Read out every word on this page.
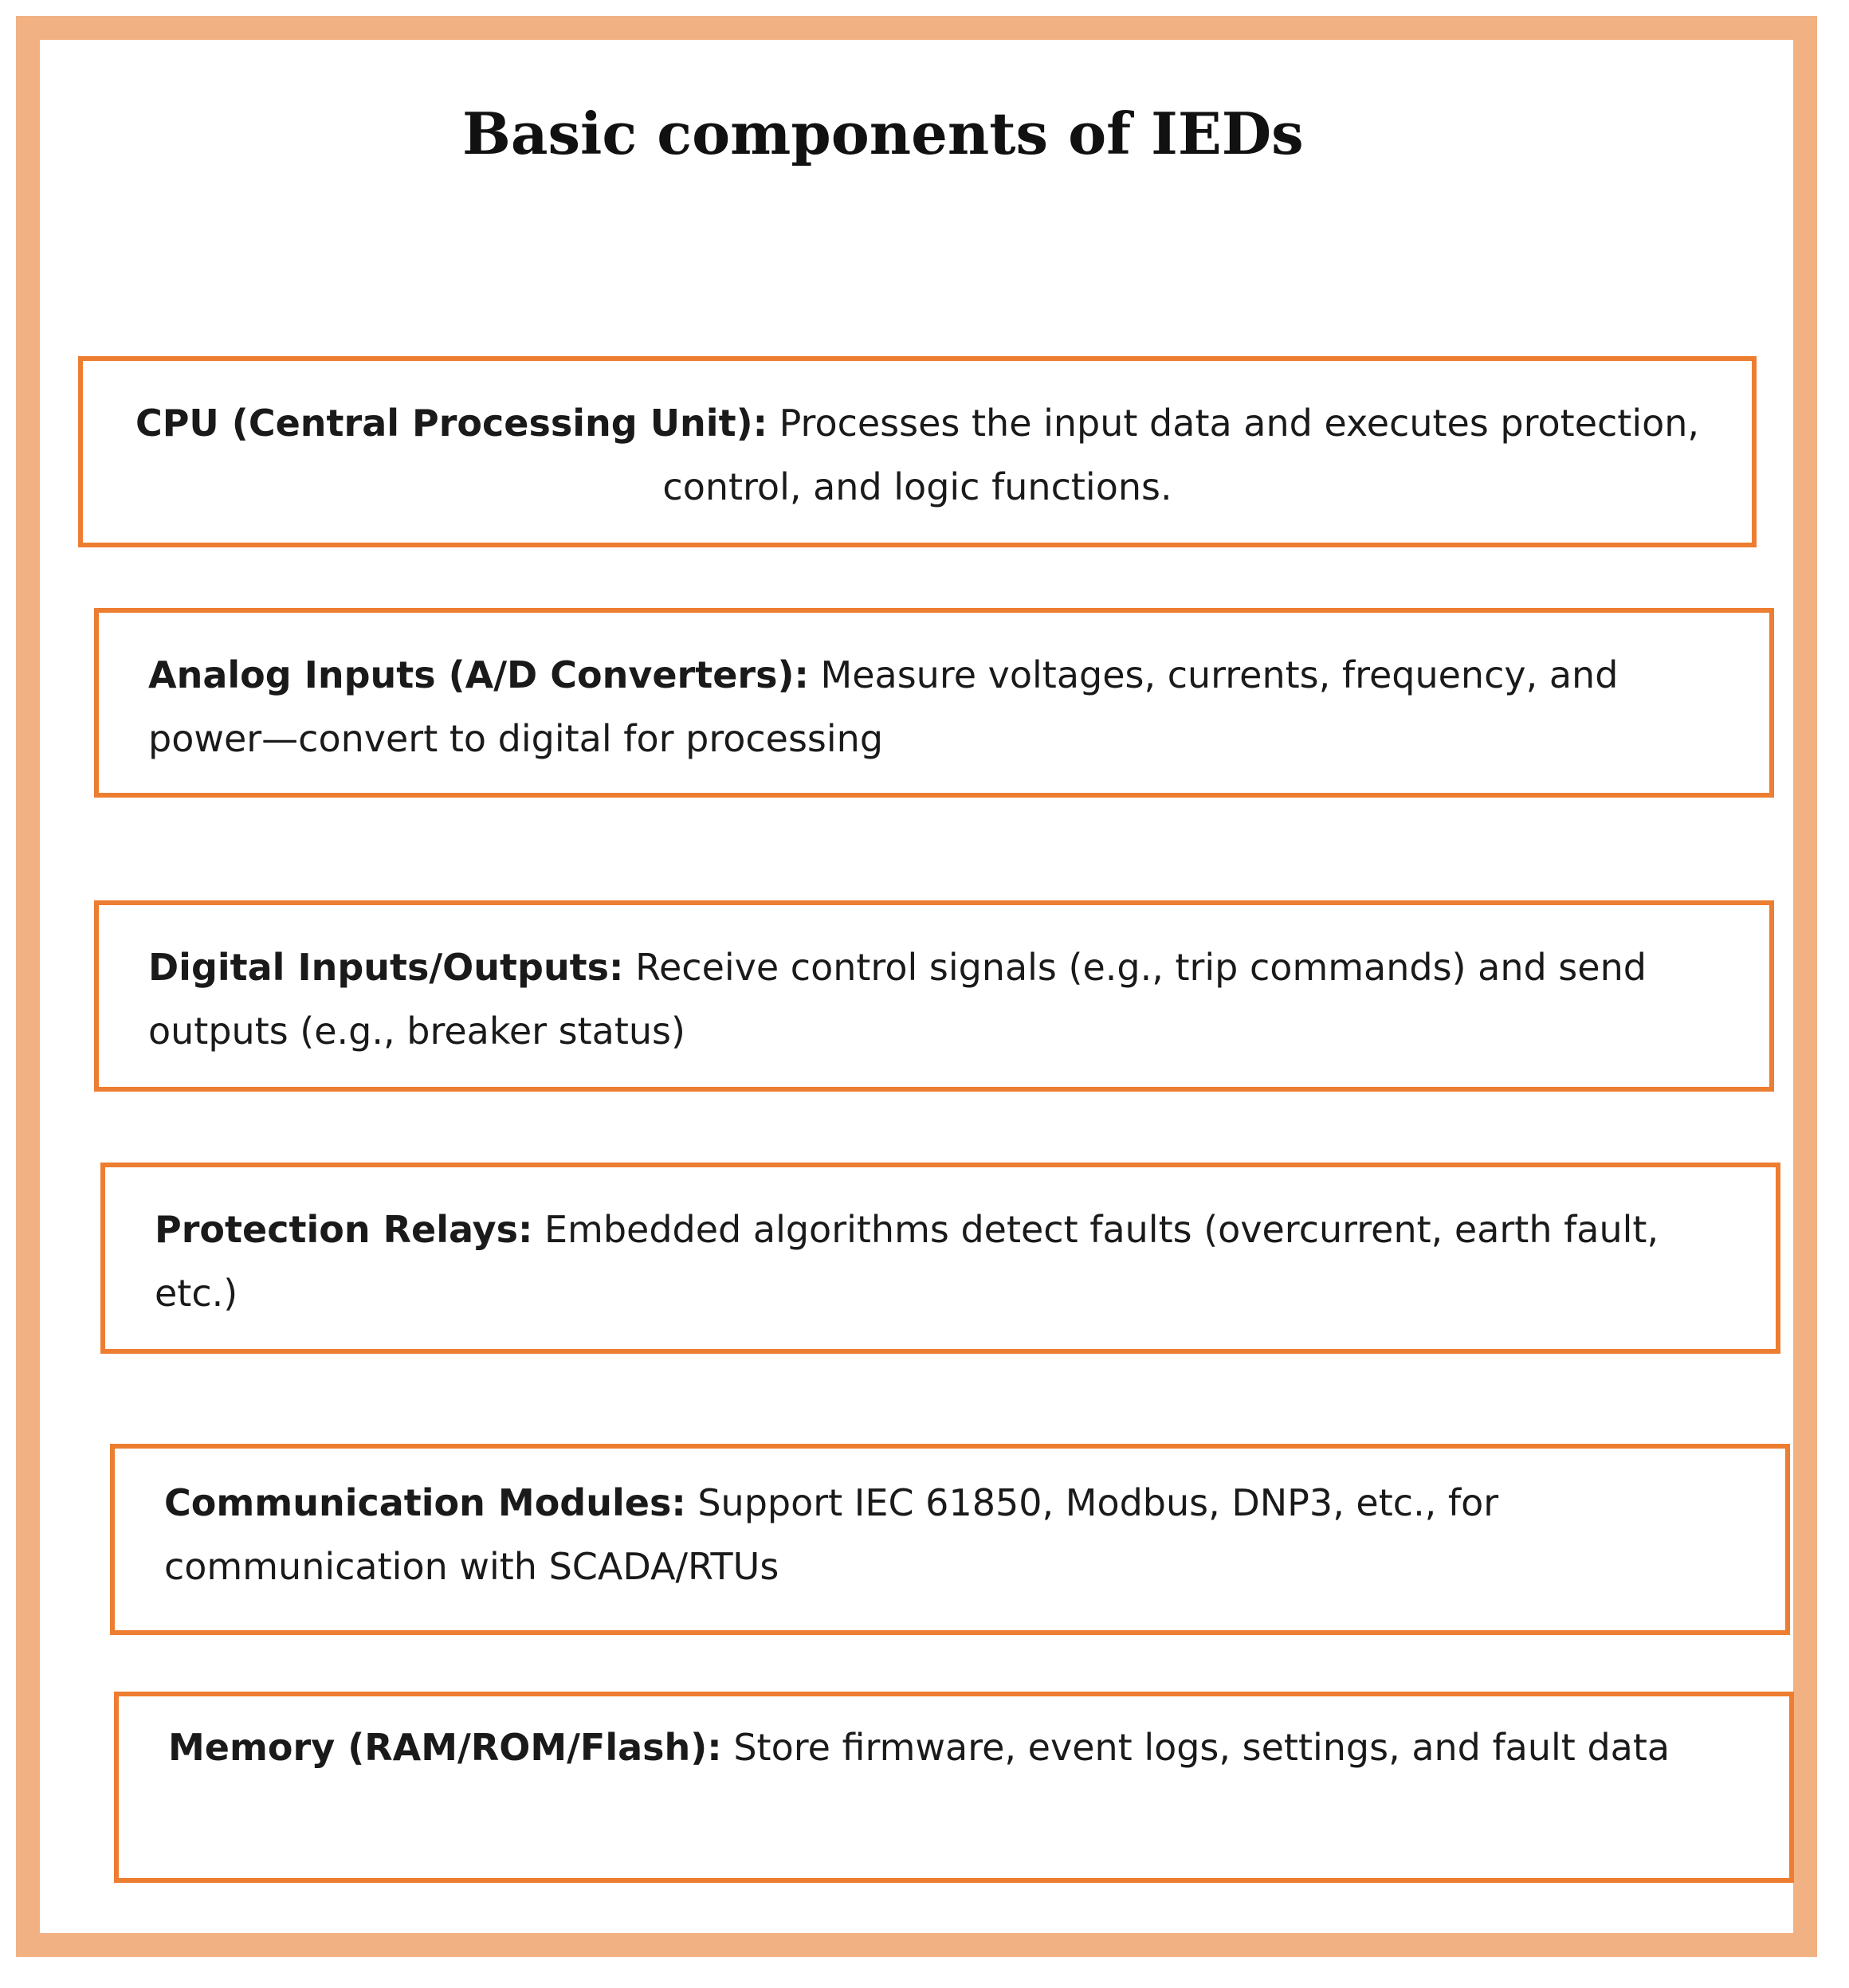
Basic components of IEDs
CPU (Central Processing Unit): Processes the input data and executes protection, control, and logic functions.
Analog Inputs (A/D Converters): Measure voltages, currents, frequency, and power—convert to digital for processing
Digital Inputs/Outputs: Receive control signals (e.g., trip commands) and send outputs (e.g., breaker status)
Protection Relays: Embedded algorithms detect faults (overcurrent, earth fault, etc.)
Communication Modules: Support IEC 61850, Modbus, DNP3, etc., for communication with SCADA/RTUs
Memory (RAM/ROM/Flash): Store firmware, event logs, settings, and fault data
